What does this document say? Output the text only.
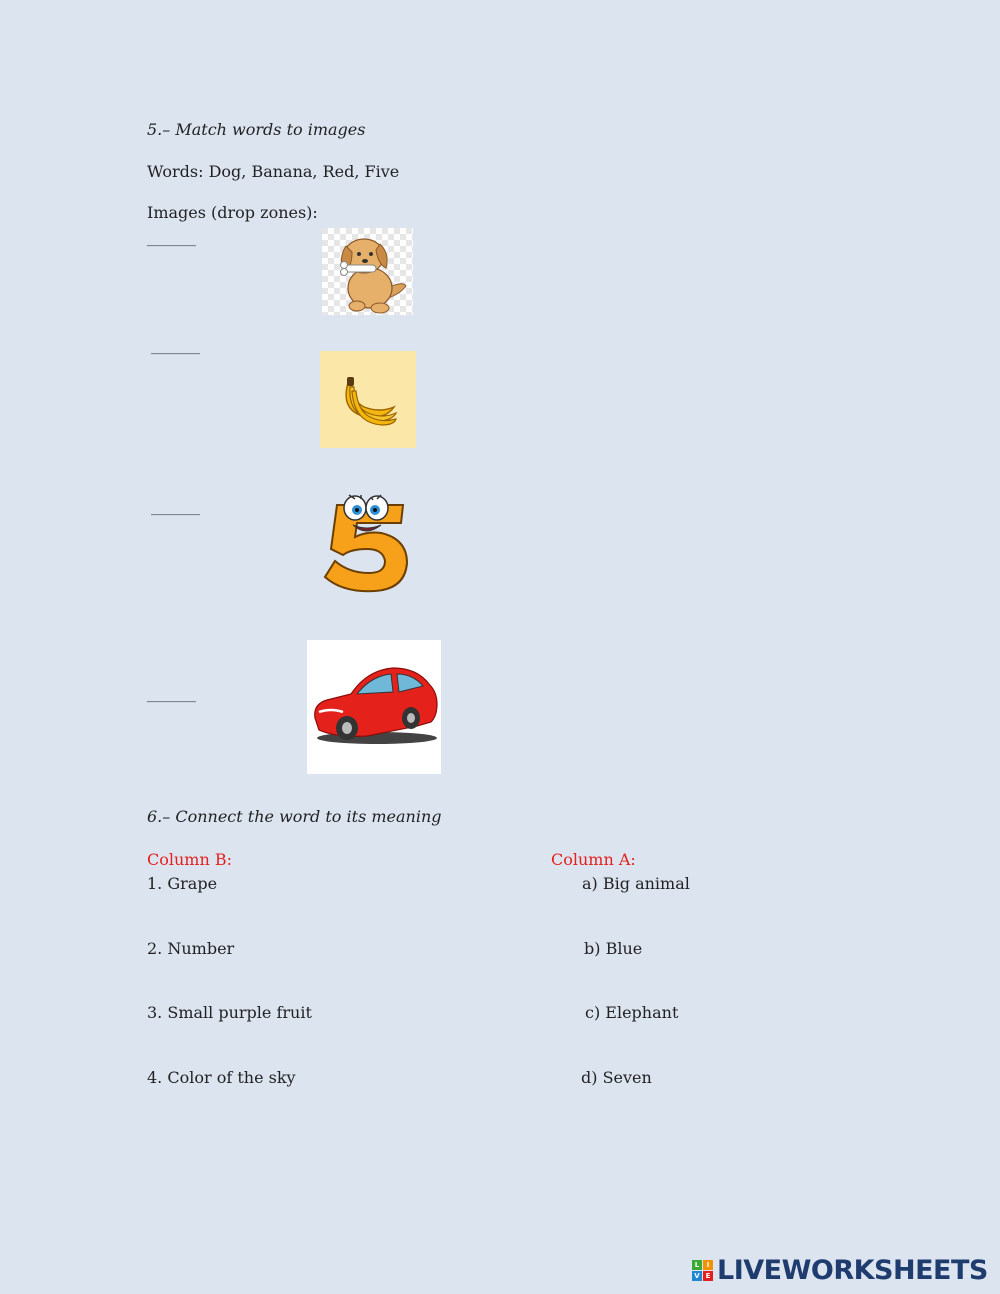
5.– Match words to images
Words: Dog, Banana, Red, Five
Images (drop zones):
_______
_______
_______
_______
6.– Connect the word to its meaning
Column B:	Column A:
1. Grape
2. Number
3. Small purple fruit
4. Color of the sky
a) Big animal
b) Blue
c) Elephant
d) Seven
L	I
V E LIVEWORKSHEETS
